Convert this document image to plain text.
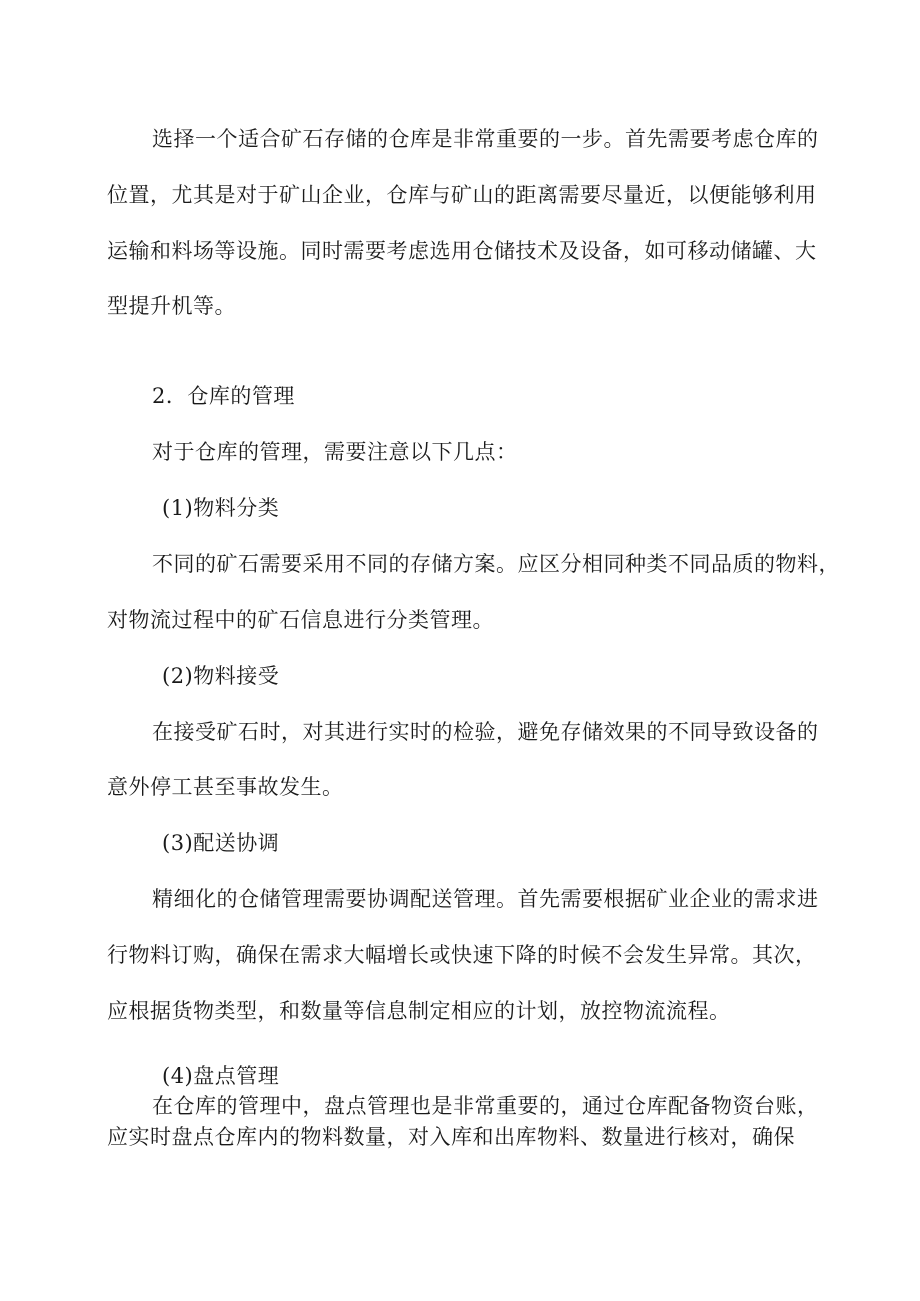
选择一个适合矿石存储的仓库是非常重要的一步。首先需要考虑仓库的
位置，尤其是对于矿山企业，仓库与矿山的距离需要尽量近，以便能够利用
运输和料场等设施。同时需要考虑选用仓储技术及设备，如可移动储罐、大
型提升机等。
2．仓库的管理
对于仓库的管理，需要注意以下几点：
(1)物料分类
不同的矿石需要采用不同的存储方案。应区分相同种类不同品质的物料，
对物流过程中的矿石信息进行分类管理。
(2)物料接受
在接受矿石时，对其进行实时的检验，避免存储效果的不同导致设备的
意外停工甚至事故发生。
(3)配送协调
精细化的仓储管理需要协调配送管理。首先需要根据矿业企业的需求进
行物料订购，确保在需求大幅增长或快速下降的时候不会发生异常。其次，
应根据货物类型，和数量等信息制定相应的计划，放控物流流程。
(4)盘点管理
在仓库的管理中，盘点管理也是非常重要的，通过仓库配备物资台账，
应实时盘点仓库内的物料数量，对入库和出库物料、数量进行核对，确保
